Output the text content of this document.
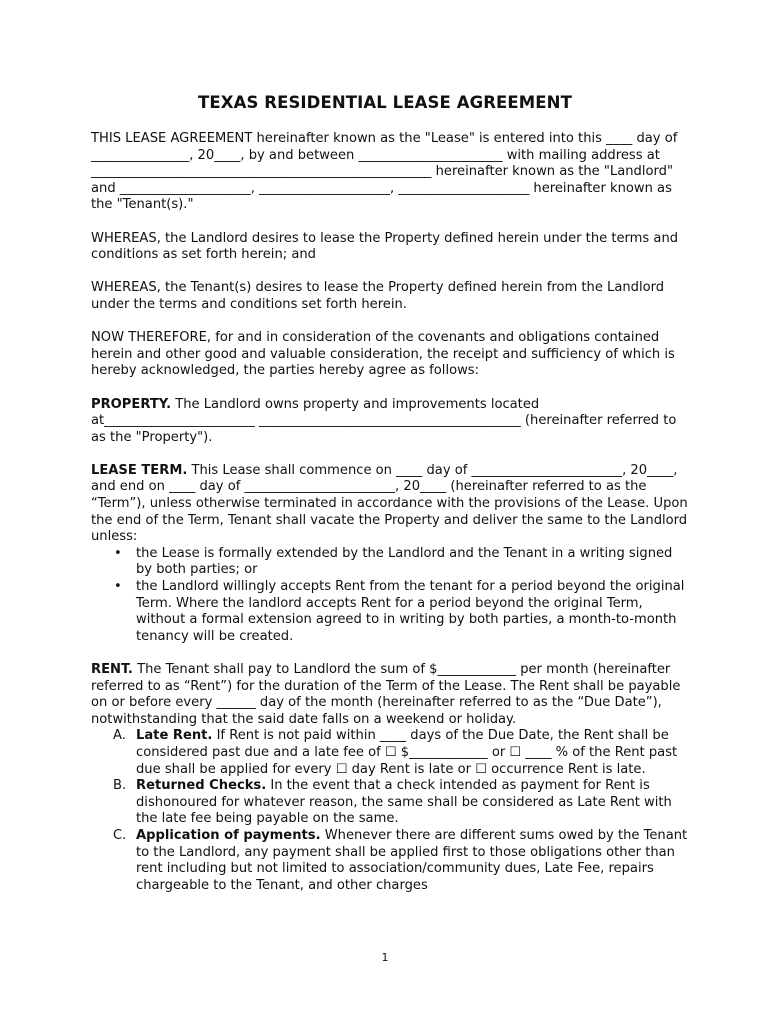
TEXAS RESIDENTIAL LEASE AGREEMENT

THIS LEASE AGREEMENT hereinafter known as the "Lease" is entered into this ____ day of _______________, 20____, by and between ______________________ with mailing address at ____________________________________________________ hereinafter known as the "Landlord" and ____________________, ____________________, ____________________ hereinafter known as the "Tenant(s)."

WHEREAS, the Landlord desires to lease the Property defined herein under the terms and conditions as set forth herein; and

WHEREAS, the Tenant(s) desires to lease the Property defined herein from the Landlord under the terms and conditions set forth herein.

NOW THEREFORE, for and in consideration of the covenants and obligations contained herein and other good and valuable consideration, the receipt and sufficiency of which is hereby acknowledged, the parties hereby agree as follows:

PROPERTY. The Landlord owns property and improvements located at_______________________ ________________________________________ (hereinafter referred to as the "Property").

LEASE TERM. This Lease shall commence on ____ day of _______________________, 20____, and end on ____ day of _______________________, 20____ (hereinafter referred to as the “Term”), unless otherwise terminated in accordance with the provisions of the Lease. Upon the end of the Term, Tenant shall vacate the Property and deliver the same to the Landlord unless:

• the Lease is formally extended by the Landlord and the Tenant in a writing signed by both parties; or
• the Landlord willingly accepts Rent from the tenant for a period beyond the original Term. Where the landlord accepts Rent for a period beyond the original Term, without a formal extension agreed to in writing by both parties, a month-to-month tenancy will be created.

RENT. The Tenant shall pay to Landlord the sum of $____________ per month (hereinafter referred to as “Rent”) for the duration of the Term of the Lease. The Rent shall be payable on or before every ______ day of the month (hereinafter referred to as the “Due Date”), notwithstanding that the said date falls on a weekend or holiday.

A. Late Rent. If Rent is not paid within ____ days of the Due Date, the Rent shall be considered past due and a late fee of ☐ $____________ or ☐ ____ % of the Rent past due shall be applied for every ☐ day Rent is late or ☐ occurrence Rent is late.
B. Returned Checks. In the event that a check intended as payment for Rent is dishonoured for whatever reason, the same shall be considered as Late Rent with the late fee being payable on the same.
C. Application of payments. Whenever there are different sums owed by the Tenant to the Landlord, any payment shall be applied first to those obligations other than rent including but not limited to association/community dues, Late Fee, repairs chargeable to the Tenant, and other charges
1
